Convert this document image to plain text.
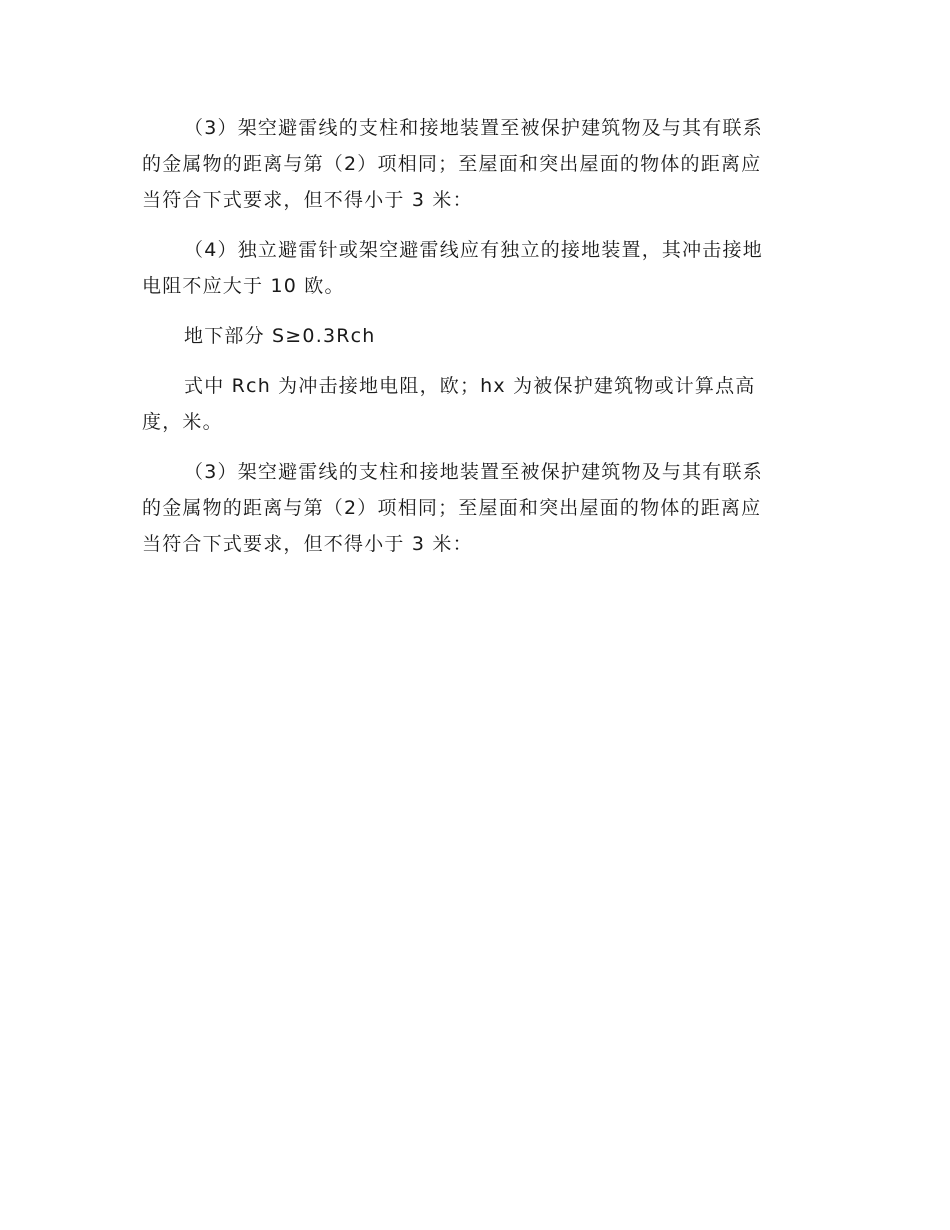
（3）架空避雷线的支柱和接地装置至被保护建筑物及与其有联系
的金属物的距离与第（2）项相同；至屋面和突出屋面的物体的距离应
当符合下式要求，但不得小于 3 米：

（4）独立避雷针或架空避雷线应有独立的接地装置，其冲击接地
电阻不应大于 10 欧。

地下部分 S≥0.3Rch

式中 Rch 为冲击接地电阻，欧；hx 为被保护建筑物或计算点高
度，米。

（3）架空避雷线的支柱和接地装置至被保护建筑物及与其有联系
的金属物的距离与第（2）项相同；至屋面和突出屋面的物体的距离应
当符合下式要求，但不得小于 3 米：
